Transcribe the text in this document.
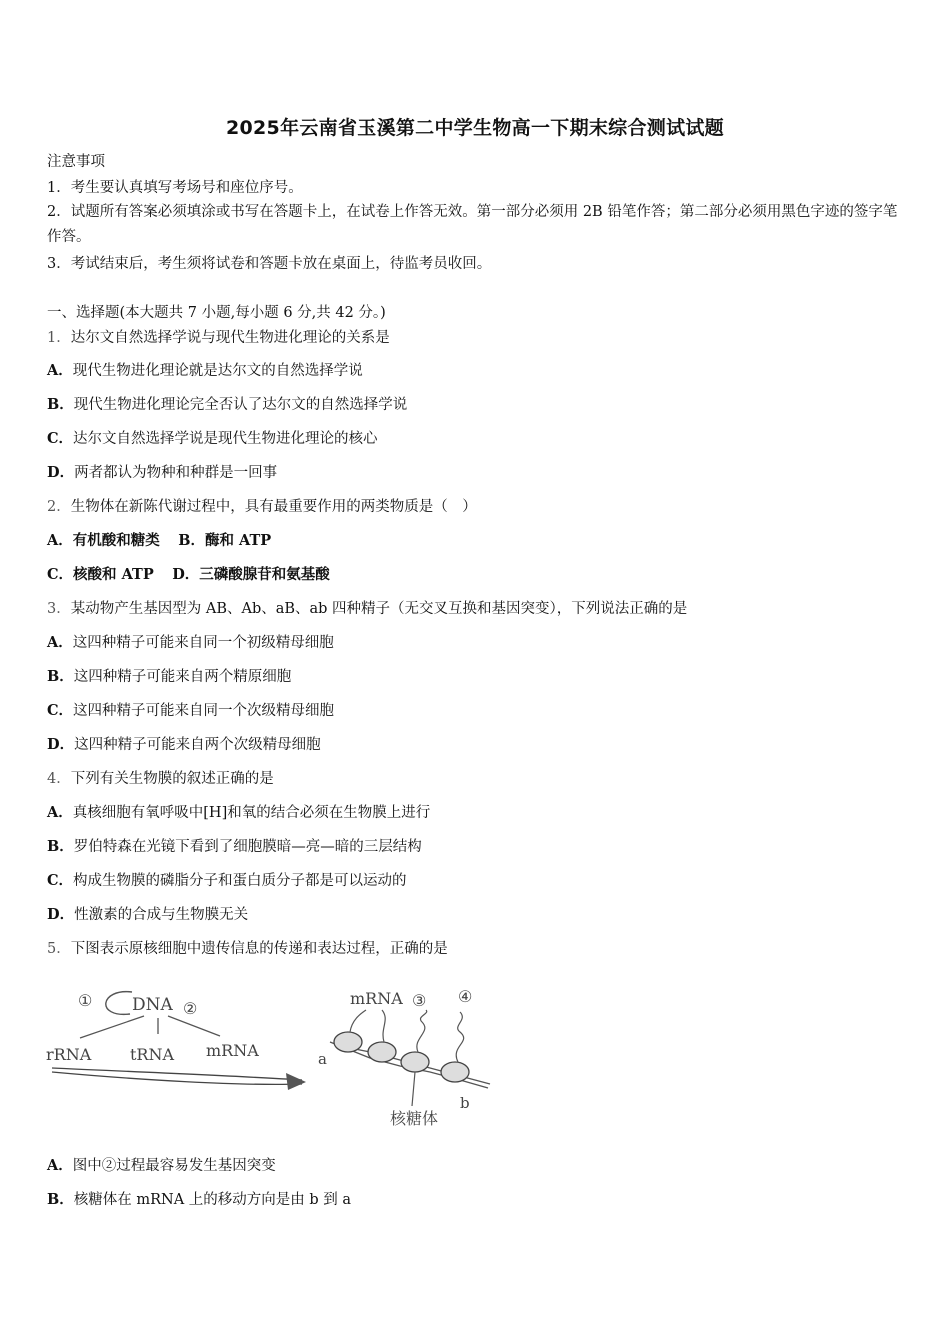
2025年云南省玉溪第二中学生物高一下期末综合测试试题
注意事项
1．考生要认真填写考场号和座位序号。
2．试题所有答案必须填涂或书写在答题卡上，在试卷上作答无效。第一部分必须用 2B 铅笔作答；第二部分必须用黑色字迹的签字笔作答。
3．考试结束后，考生须将试卷和答题卡放在桌面上，待监考员收回。
一、选择题(本大题共 7 小题,每小题 6 分,共 42 分。)
1．达尔文自然选择学说与现代生物进化理论的关系是
A．现代生物进化理论就是达尔文的自然选择学说
B．现代生物进化理论完全否认了达尔文的自然选择学说
C．达尔文自然选择学说是现代生物进化理论的核心
D．两者都认为物种和种群是一回事
2．生物体在新陈代谢过程中，具有最重要作用的两类物质是（　）
A．有机酸和糖类 B．酶和 ATP
C．核酸和 ATP D．三磷酸腺苷和氨基酸
3．某动物产生基因型为 AB、Ab、aB、ab 四种精子（无交叉互换和基因突变），下列说法正确的是
A．这四种精子可能来自同一个初级精母细胞
B．这四种精子可能来自两个精原细胞
C．这四种精子可能来自同一个次级精母细胞
D．这四种精子可能来自两个次级精母细胞
4．下列有关生物膜的叙述正确的是
A．真核细胞有氧呼吸中[H]和氧的结合必须在生物膜上进行
B．罗伯特森在光镜下看到了细胞膜暗—亮—暗的三层结构
C．构成生物膜的磷脂分子和蛋白质分子都是可以运动的
D．性激素的合成与生物膜无关
5．下图表示原核细胞中遗传信息的传递和表达过程，正确的是
① DNA ②
rRNA tRNA mRNA
mRNA ③ ④
a
b
核糖体
A．图中②过程最容易发生基因突变
B．核糖体在 mRNA 上的移动方向是由 b 到 a
